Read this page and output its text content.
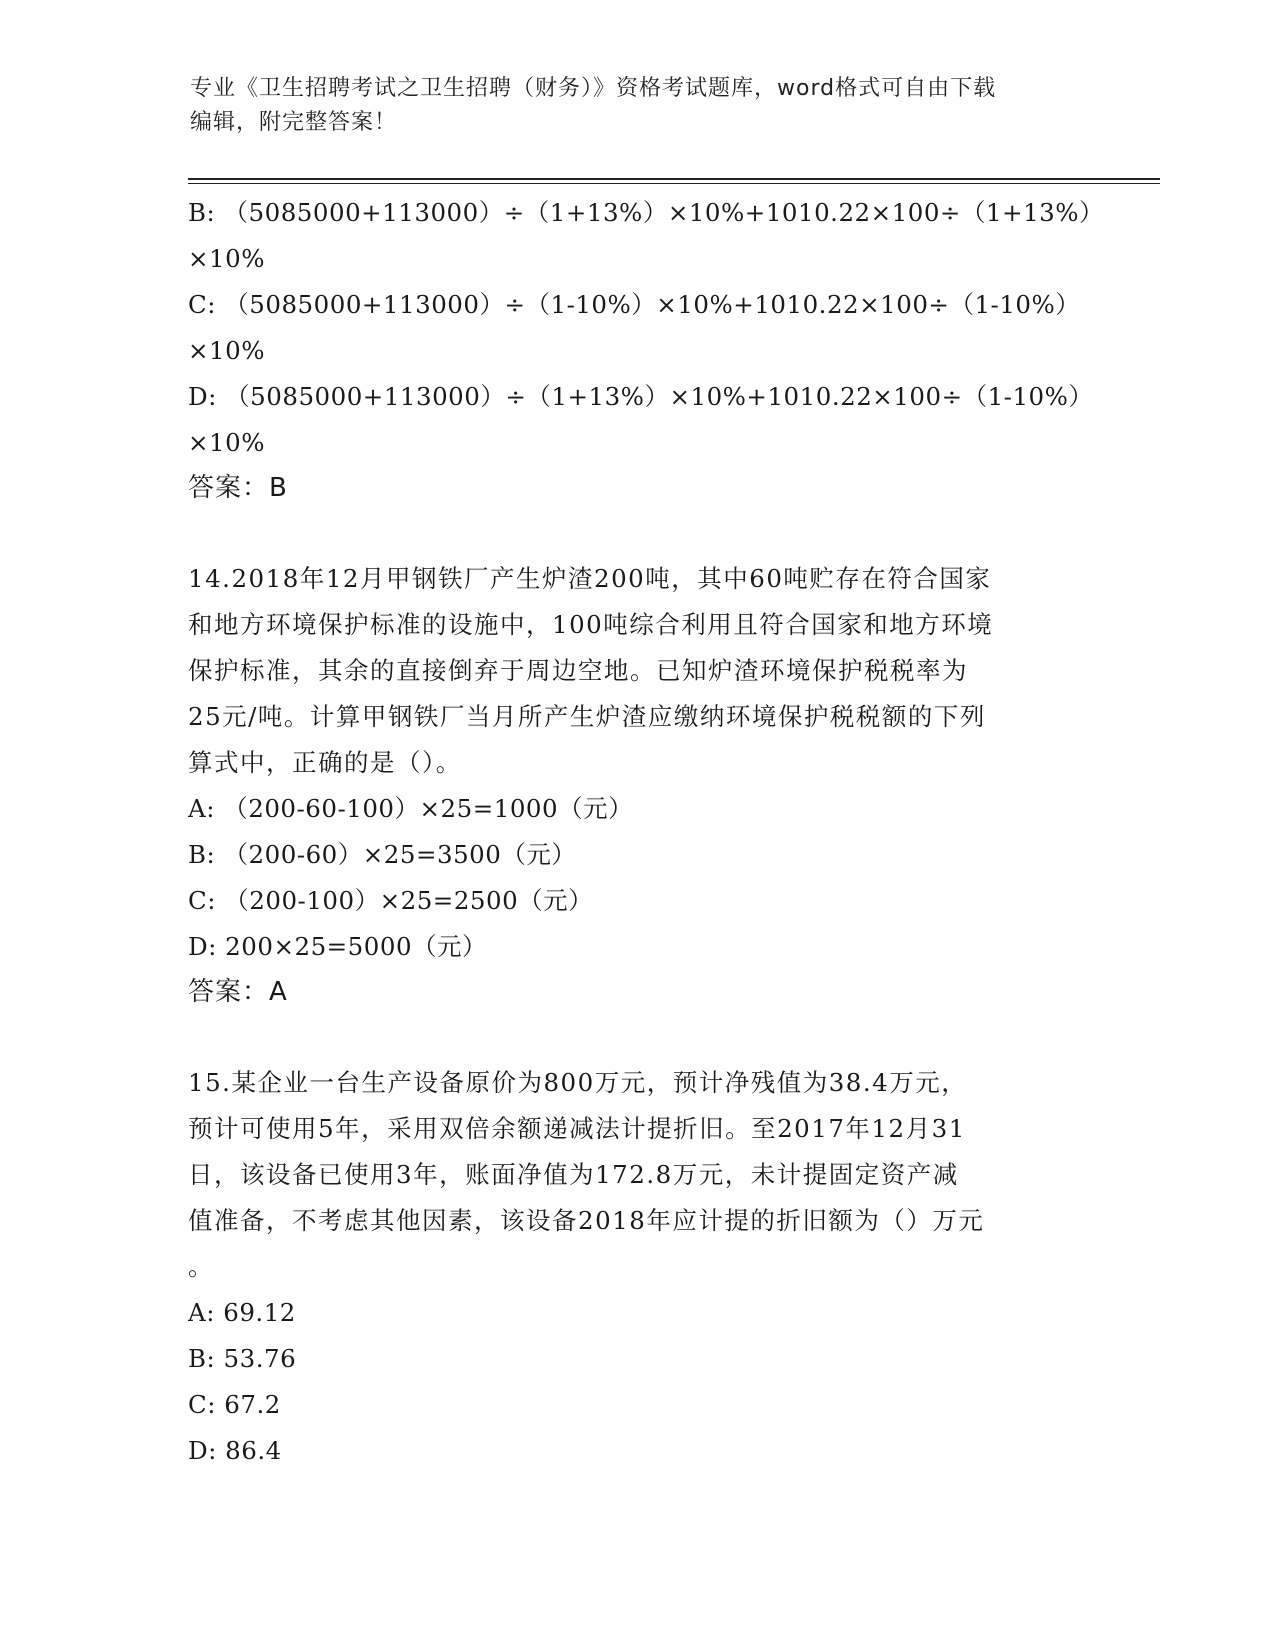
专业《卫生招聘考试之卫生招聘（财务）》资格考试题库，word格式可自由下载
编辑，附完整答案！
B: （5085000+113000）÷（1+13%）×10%+1010.22×100÷（1+13%）
×10%
C: （5085000+113000）÷（1-10%）×10%+1010.22×100÷（1-10%）
×10%
D: （5085000+113000）÷（1+13%）×10%+1010.22×100÷（1-10%）
×10%
答案：B
14.2018年12月甲钢铁厂产生炉渣200吨，其中60吨贮存在符合国家
和地方环境保护标准的设施中，100吨综合利用且符合国家和地方环境
保护标准，其余的直接倒弃于周边空地。已知炉渣环境保护税税率为
25元/吨。计算甲钢铁厂当月所产生炉渣应缴纳环境保护税税额的下列
算式中，正确的是（）。
A: （200-60-100）×25=1000（元）
B: （200-60）×25=3500（元）
C: （200-100）×25=2500（元）
D: 200×25=5000（元）
答案：A
15.某企业一台生产设备原价为800万元，预计净残值为38.4万元，
预计可使用5年，采用双倍余额递减法计提折旧。至2017年12月31
日，该设备已使用3年，账面净值为172.8万元，未计提固定资产减
值准备，不考虑其他因素，该设备2018年应计提的折旧额为（）万元
。
A: 69.12
B: 53.76
C: 67.2
D: 86.4
